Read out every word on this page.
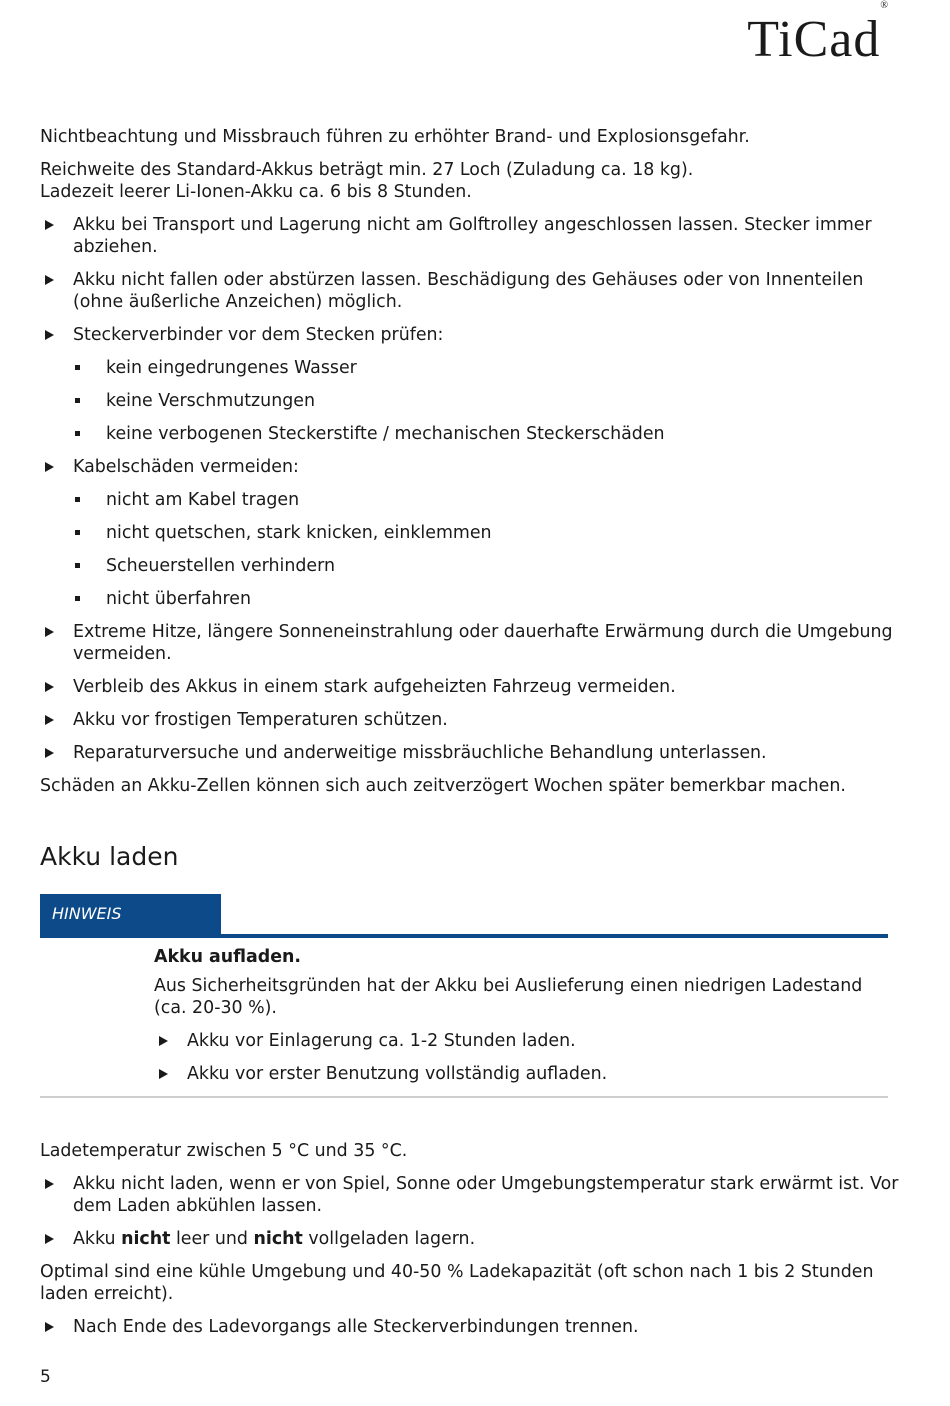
TiCad®

Nichtbeachtung und Missbrauch führen zu erhöhter Brand- und Explosionsgefahr.

Reichweite des Standard-Akkus beträgt min. 27 Loch (Zuladung ca. 18 kg).
Ladezeit leerer Li-Ionen-Akku ca. 6 bis 8 Stunden.

Akku bei Transport und Lagerung nicht am Golftrolley angeschlossen lassen. Stecker immer abziehen.
Akku nicht fallen oder abstürzen lassen. Beschädigung des Gehäuses oder von Innenteilen (ohne äußerliche Anzeichen) möglich.
Steckerverbinder vor dem Stecken prüfen:
kein eingedrungenes Wasser
keine Verschmutzungen
keine verbogenen Steckerstifte / mechanischen Steckerschäden
Kabelschäden vermeiden:
nicht am Kabel tragen
nicht quetschen, stark knicken, einklemmen
Scheuerstellen verhindern
nicht überfahren
Extreme Hitze, längere Sonneneinstrahlung oder dauerhafte Erwärmung durch die Umgebung vermeiden.
Verbleib des Akkus in einem stark aufgeheizten Fahrzeug vermeiden.
Akku vor frostigen Temperaturen schützen.
Reparaturversuche und anderweitige missbräuchliche Behandlung unterlassen.

Schäden an Akku-Zellen können sich auch zeitverzögert Wochen später bemerkbar machen.

Akku laden
HINWEIS

Akku aufladen.

Aus Sicherheitsgründen hat der Akku bei Auslieferung einen niedrigen Ladestand (ca. 20-30 %).

Akku vor Einlagerung ca. 1-2 Stunden laden.
Akku vor erster Benutzung vollständig aufladen.

Ladetemperatur zwischen 5 °C und 35 °C.

Akku nicht laden, wenn er von Spiel, Sonne oder Umgebungstemperatur stark erwärmt ist. Vor dem Laden abkühlen lassen.
Akku nicht leer und nicht vollgeladen lagern.

Optimal sind eine kühle Umgebung und 40-50 % Ladekapazität (oft schon nach 1 bis 2 Stunden laden erreicht).

Nach Ende des Ladevorgangs alle Steckerverbindungen trennen.
5
